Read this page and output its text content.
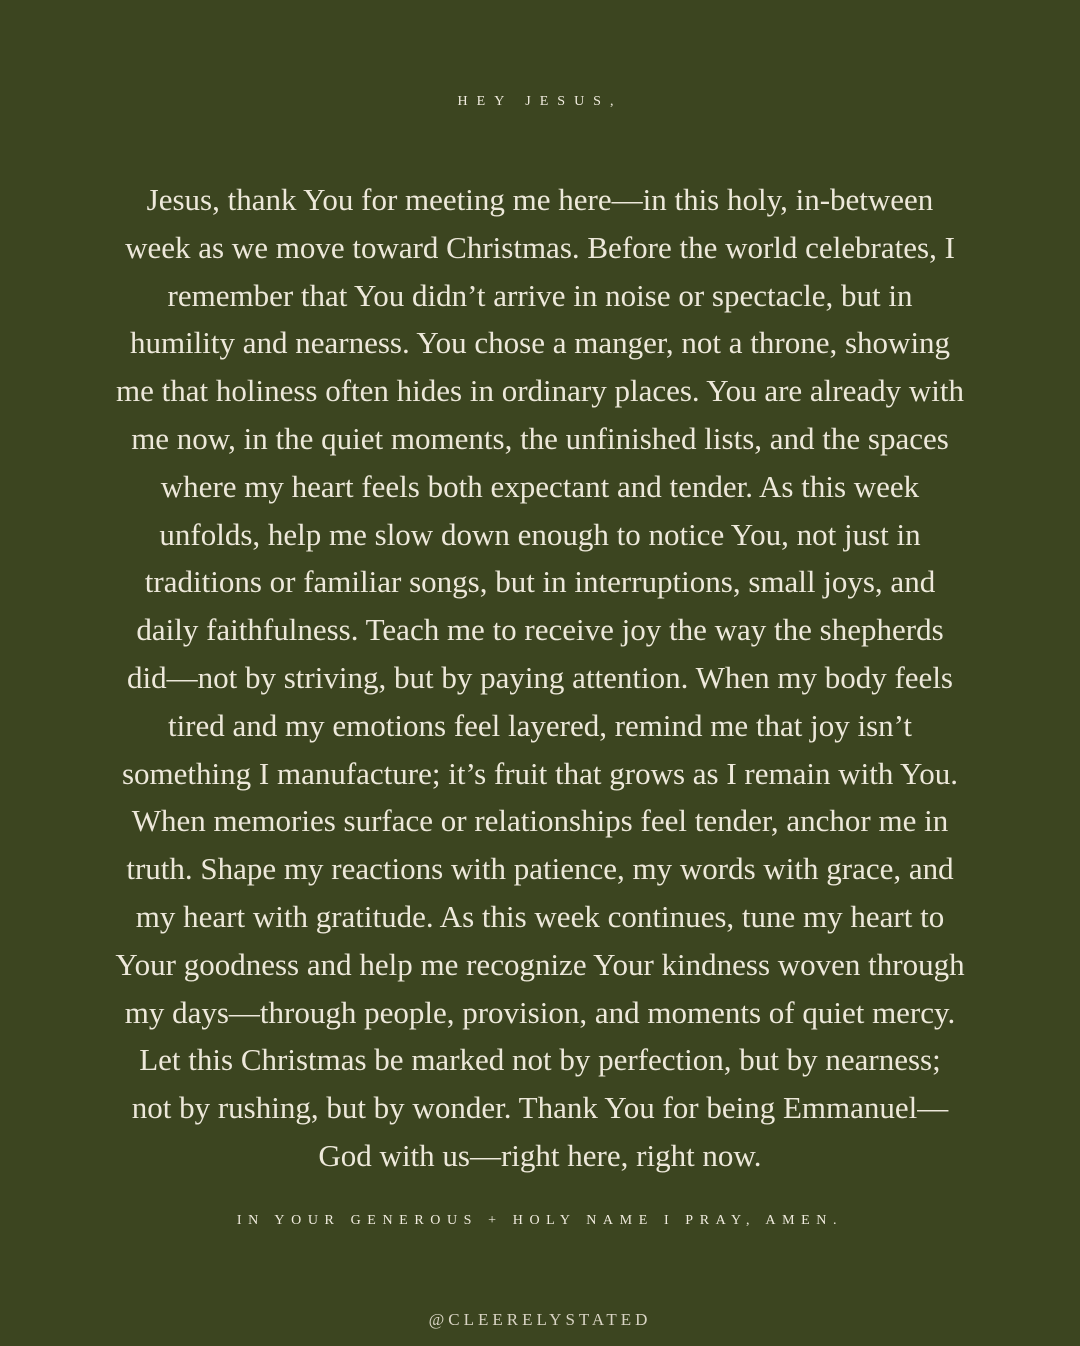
HEY JESUS,
Jesus, thank You for meeting me here—in this holy, in-between
week as we move toward Christmas. Before the world celebrates, I
remember that You didn’t arrive in noise or spectacle, but in
humility and nearness. You chose a manger, not a throne, showing
me that holiness often hides in ordinary places. You are already with
me now, in the quiet moments, the unfinished lists, and the spaces
where my heart feels both expectant and tender. As this week
unfolds, help me slow down enough to notice You, not just in
traditions or familiar songs, but in interruptions, small joys, and
daily faithfulness. Teach me to receive joy the way the shepherds
did—not by striving, but by paying attention. When my body feels
tired and my emotions feel layered, remind me that joy isn’t
something I manufacture; it’s fruit that grows as I remain with You.
When memories surface or relationships feel tender, anchor me in
truth. Shape my reactions with patience, my words with grace, and
my heart with gratitude. As this week continues, tune my heart to
Your goodness and help me recognize Your kindness woven through
my days—through people, provision, and moments of quiet mercy.
Let this Christmas be marked not by perfection, but by nearness;
not by rushing, but by wonder. Thank You for being Emmanuel—
God with us—right here, right now.
IN YOUR GENEROUS + HOLY NAME I PRAY, AMEN.
@CLEERELYSTATED
